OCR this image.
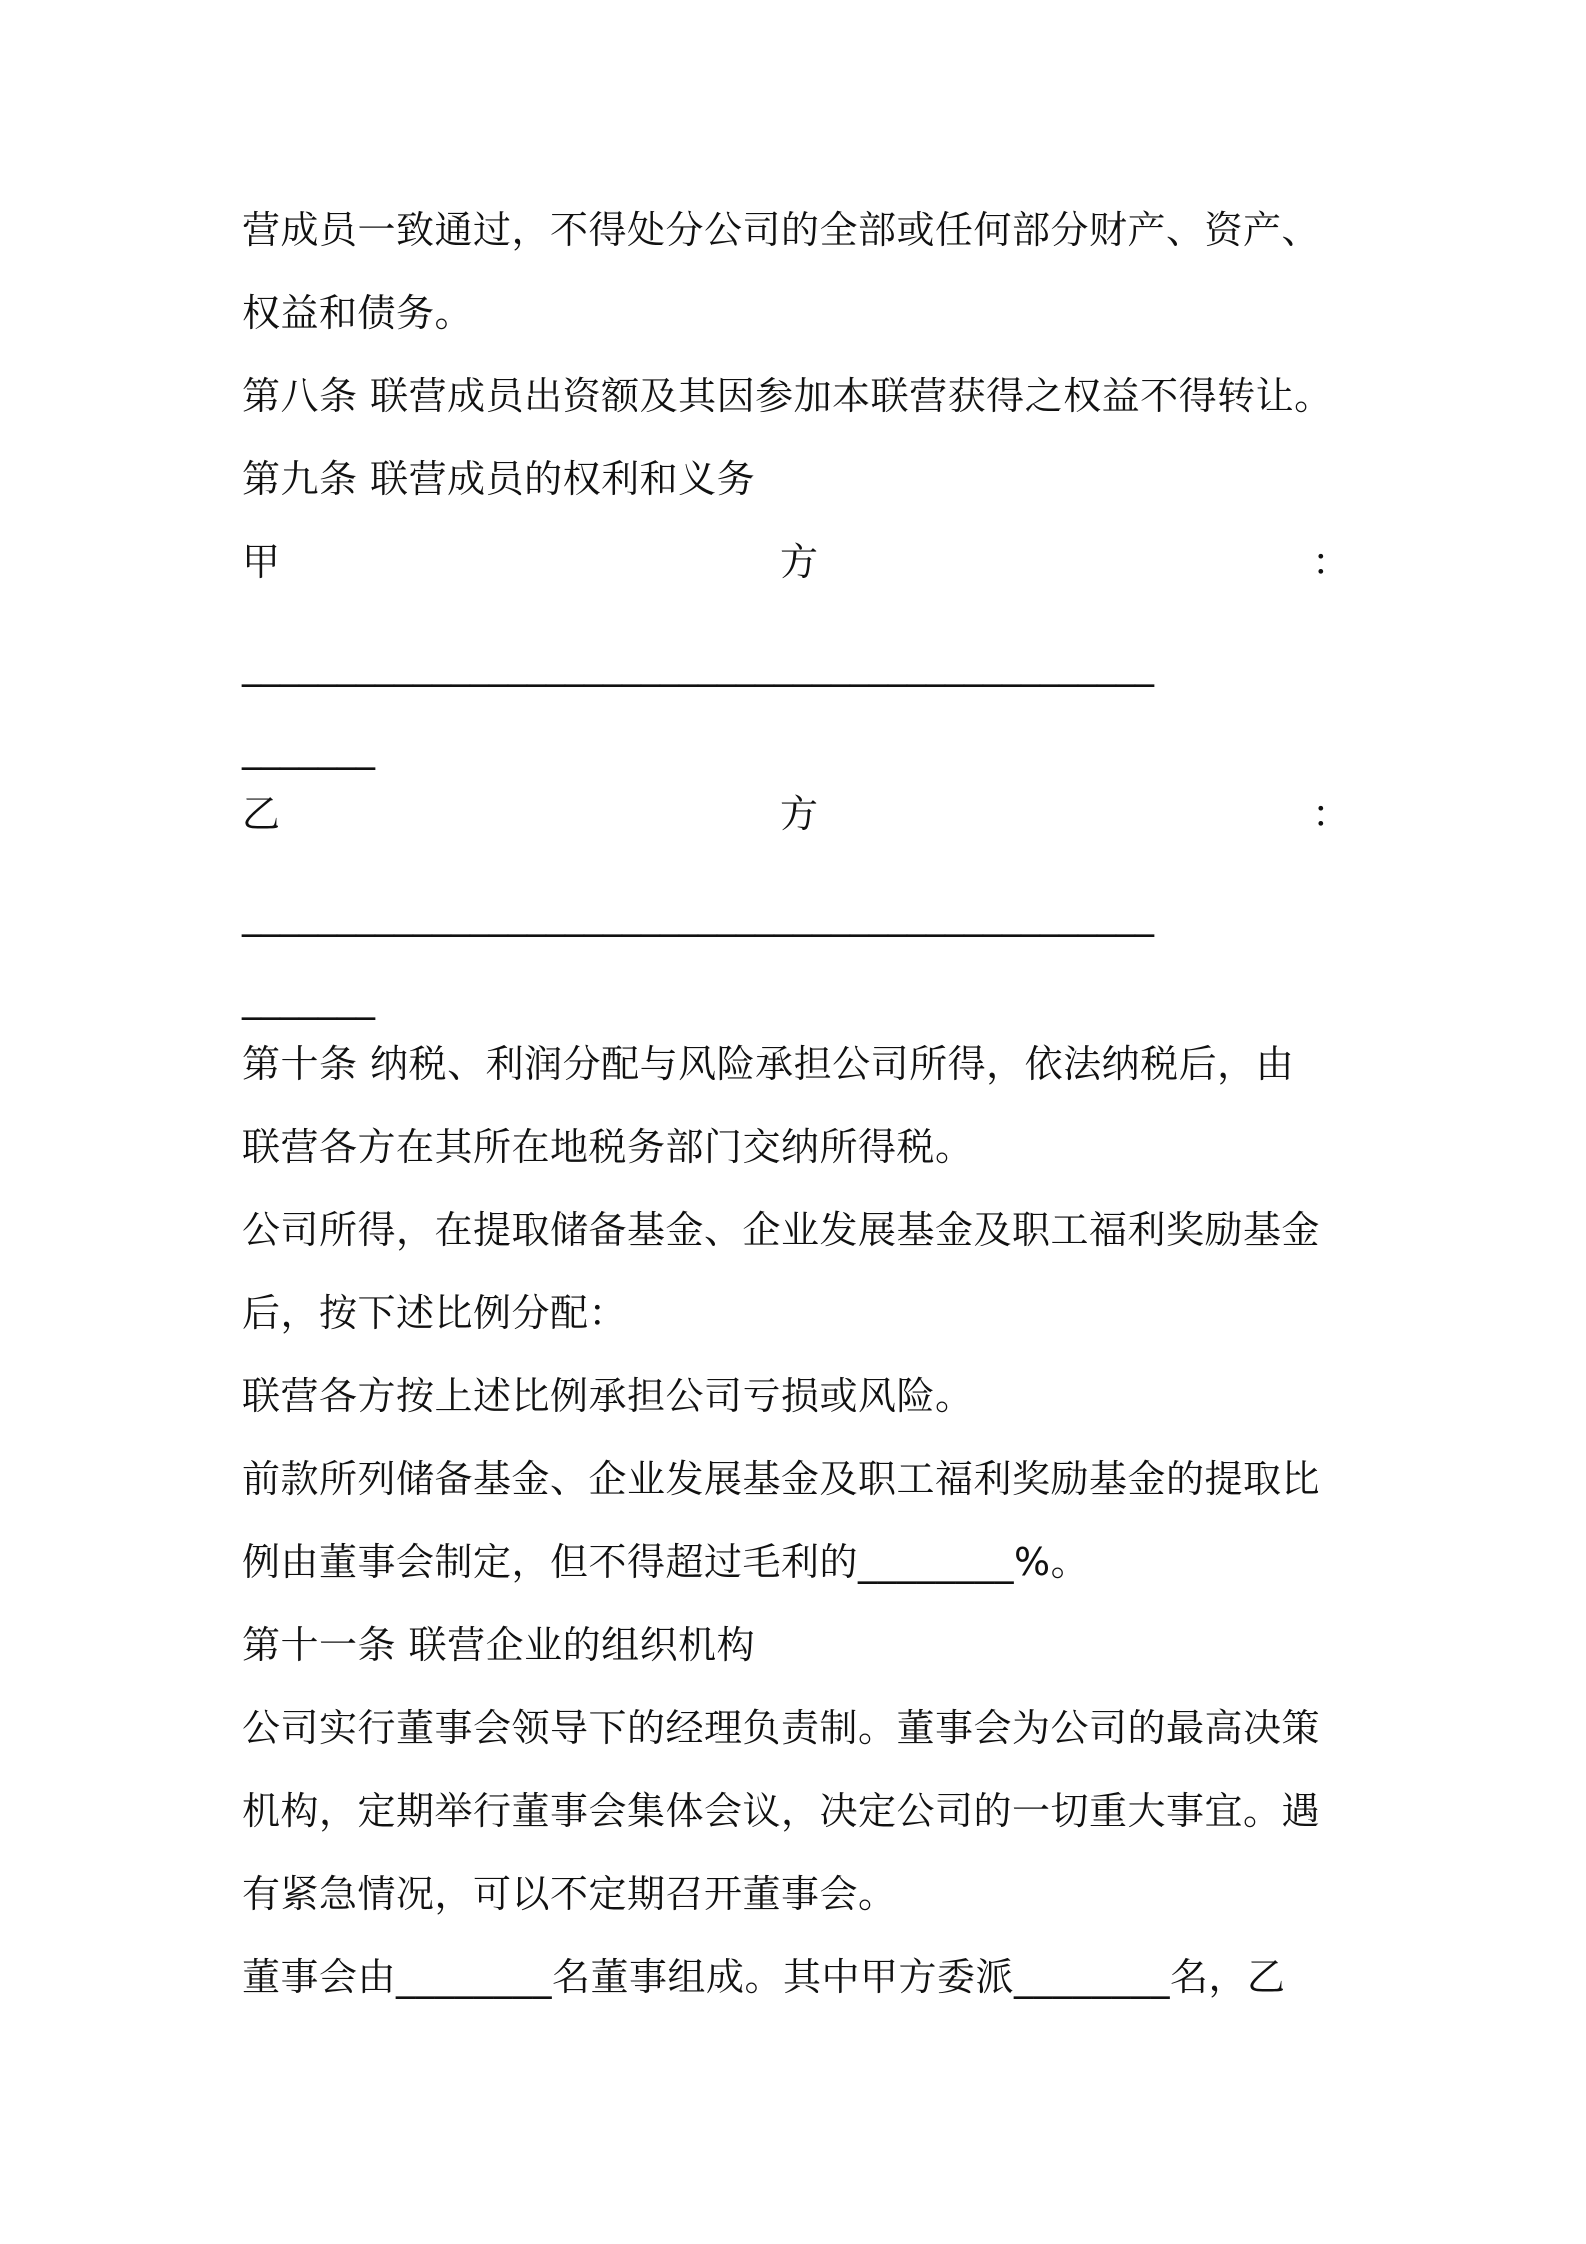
营成员一致通过，不得处分公司的全部或任何部分财产、资产、
权益和债务。
第八条 联营成员出资额及其因参加本联营获得之权益不得转让。
第九条 联营成员的权利和义务
甲	方	：
________________________________________________
_______
乙	方	：
________________________________________________
_______
第十条 纳税、利润分配与风险承担公司所得，依法纳税后，由
联营各方在其所在地税务部门交纳所得税。
公司所得，在提取储备基金、企业发展基金及职工福利奖励基金
后，按下述比例分配：
联营各方按上述比例承担公司亏损或风险。
前款所列储备基金、企业发展基金及职工福利奖励基金的提取比
例由董事会制定，但不得超过毛利的________%。
第十一条 联营企业的组织机构
公司实行董事会领导下的经理负责制。董事会为公司的最高决策
机构，定期举行董事会集体会议，决定公司的一切重大事宜。遇
有紧急情况，可以不定期召开董事会。
董事会由________名董事组成。其中甲方委派________名，乙
